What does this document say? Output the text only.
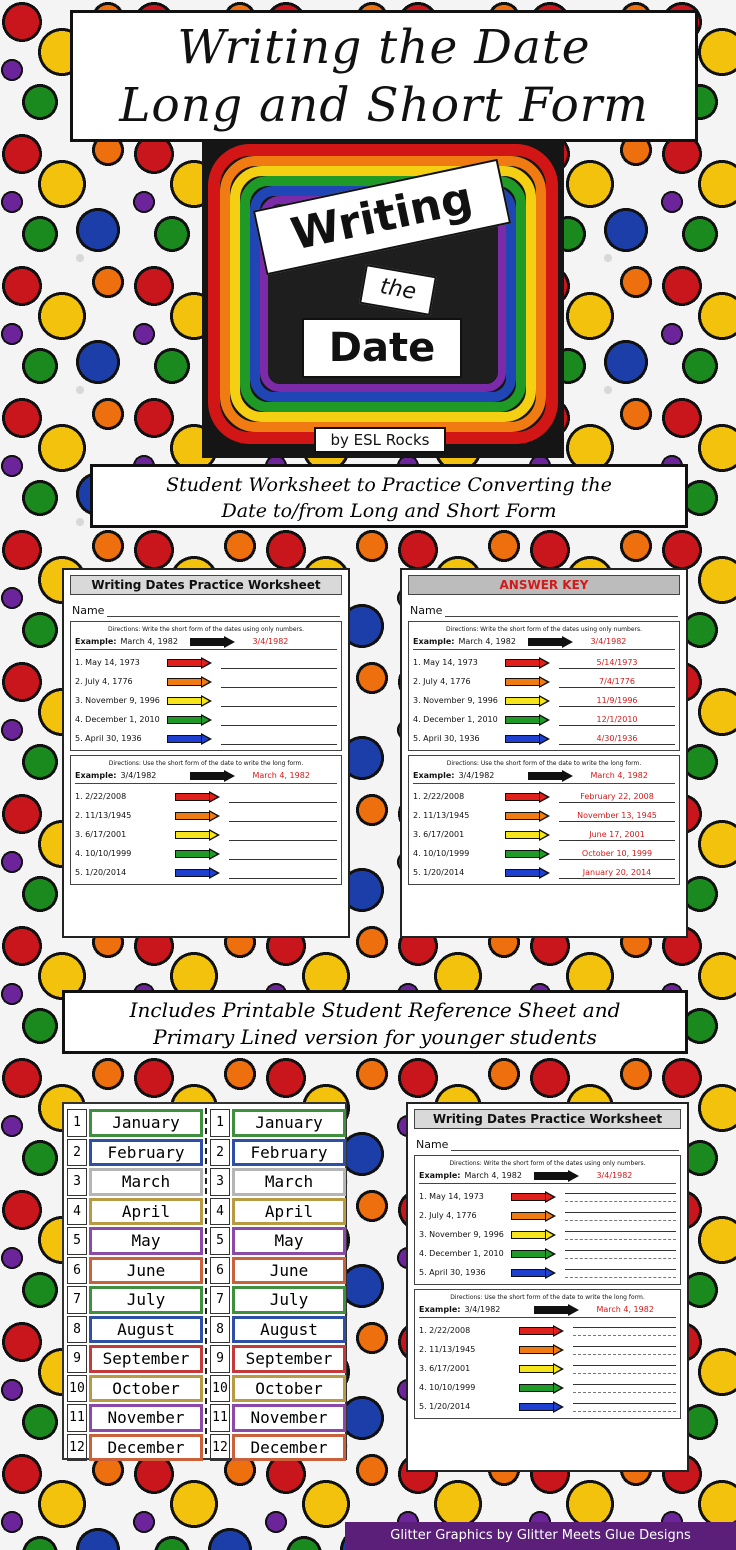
Writing the Date
Long and Short Form
Writing
the
Date
by ESL Rocks
Student Worksheet to Practice Converting the
Date to/from Long and Short Form
Writing Dates Practice Worksheet
Name
Directions: Write the short form of the dates using only numbers.
Example: March 4, 1982	3/4/1982
1. May 14, 1973
2. July 4, 1776
3. November 9, 1996
4. December 1, 2010
5. April 30, 1936
Directions: Use the short form of the date to write the long form.
Example: 3/4/1982	March 4, 1982
1. 2/22/2008
2. 11/13/1945
3. 6/17/2001
4. 10/10/1999
5. 1/20/2014
ANSWER KEY
Name
Directions: Write the short form of the dates using only numbers.
Example: March 4, 1982	3/4/1982
1. May 14, 1973	5/14/1973
2. July 4, 1776	7/4/1776
3. November 9, 1996	11/9/1996
4. December 1, 2010	12/1/2010
5. April 30, 1936	4/30/1936
Directions: Use the short form of the date to write the long form.
Example: 3/4/1982	March 4, 1982
1. 2/22/2008	February 22, 2008
2. 11/13/1945	November 13, 1945
3. 6/17/2001	June 17, 2001
4. 10/10/1999	October 10, 1999
5. 1/20/2014	January 20, 2014
Includes Printable Student Reference Sheet and
Primary Lined version for younger students
1	January
2	February
3	March
4	April
5	May
6	June
7	July
8	August
9	September
10	October
11	November
12	December
1	January
2	February
3	March
4	April
5	May
6	June
7	July
8	August
9	September
10	October
11	November
12	December
Writing Dates Practice Worksheet
Name
Directions: Write the short form of the dates using only numbers.
Example: March 4, 1982	3/4/1982
1. May 14, 1973
2. July 4, 1776
3. November 9, 1996
4. December 1, 2010
5. April 30, 1936
Directions: Use the short form of the date to write the long form.
Example: 3/4/1982	March 4, 1982
1. 2/22/2008
2. 11/13/1945
3. 6/17/2001
4. 10/10/1999
5. 1/20/2014
Glitter Graphics by Glitter Meets Glue Designs
